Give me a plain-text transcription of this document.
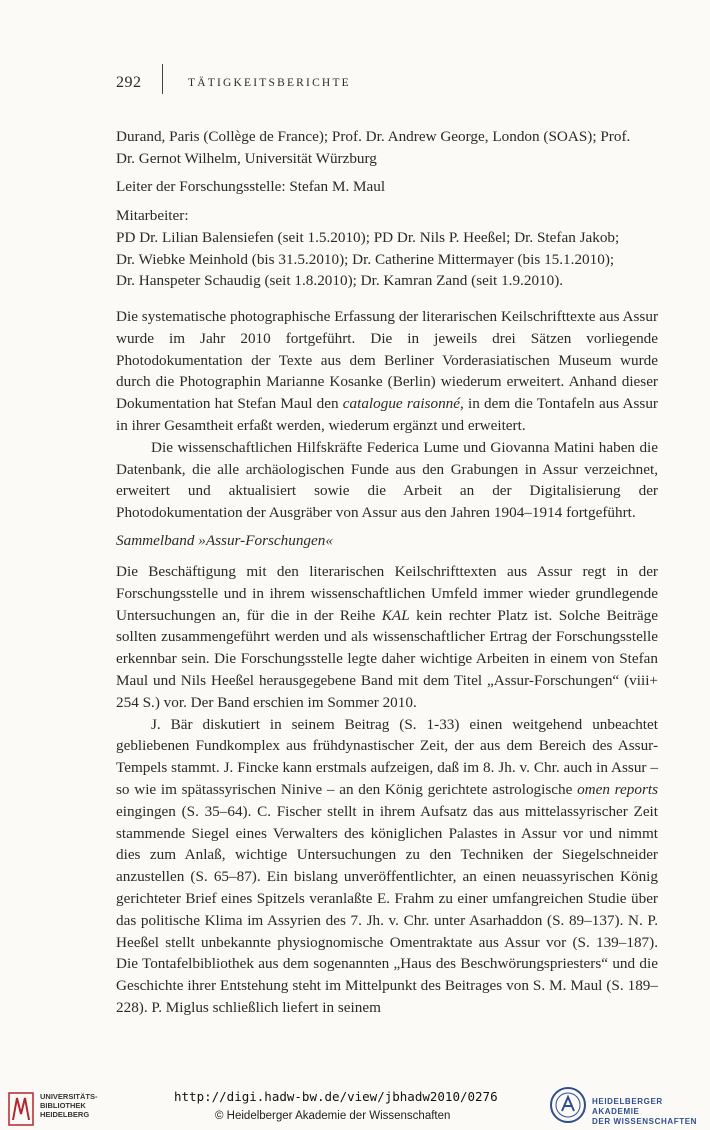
292	TÄTIGKEITSBERICHTE

Durand, Paris (Collège de France); Prof. Dr. Andrew George, London (SOAS); Prof.

Dr. Gernot Wilhelm, Universität Würzburg

Leiter der Forschungsstelle: Stefan M. Maul

Mitarbeiter:

PD Dr. Lilian Balensiefen (seit 1.5.2010); PD Dr. Nils P. Heeßel; Dr. Stefan Jakob;

Dr. Wiebke Meinhold (bis 31.5.2010); Dr. Catherine Mittermayer (bis 15.1.2010);

Dr. Hanspeter Schaudig (seit 1.8.2010); Dr. Kamran Zand (seit 1.9.2010).

Die systematische photographische Erfassung der literarischen Keilschrifttexte aus Assur wurde im Jahr 2010 fortgeführt. Die in jeweils drei Sätzen vorliegende Photodokumentation der Texte aus dem Berliner Vorderasiatischen Museum wurde durch die Photographin Marianne Kosanke (Berlin) wiederum erweitert. Anhand dieser Dokumentation hat Stefan Maul den catalogue raisonné, in dem die Tontafeln aus Assur in ihrer Gesamtheit erfaßt werden, wiederum ergänzt und erweitert.

Die wissenschaftlichen Hilfskräfte Federica Lume und Giovanna Matini haben die Datenbank, die alle archäologischen Funde aus den Grabungen in Assur verzeichnet, erweitert und aktualisiert sowie die Arbeit an der Digitalisierung der Photodokumentation der Ausgräber von Assur aus den Jahren 1904–1914 fortgeführt.

Sammelband »Assur-Forschungen«

Die Beschäftigung mit den literarischen Keilschrifttexten aus Assur regt in der Forschungsstelle und in ihrem wissenschaftlichen Umfeld immer wieder grundlegende Untersuchungen an, für die in der Reihe KAL kein rechter Platz ist. Solche Beiträge sollten zusammengeführt werden und als wissenschaftlicher Ertrag der Forschungsstelle erkennbar sein. Die Forschungsstelle legte daher wichtige Arbeiten in einem von Stefan Maul und Nils Heeßel herausgegebene Band mit dem Titel „Assur-Forschungen“ (viii+ 254 S.) vor. Der Band erschien im Sommer 2010.

J. Bär diskutiert in seinem Beitrag (S. 1-33) einen weitgehend unbeachtet gebliebenen Fundkomplex aus frühdynastischer Zeit, der aus dem Bereich des Assur-Tempels stammt. J. Fincke kann erstmals aufzeigen, daß im 8. Jh. v. Chr. auch in Assur – so wie im spätassyrischen Ninive – an den König gerichtete astrologische omen reports eingingen (S. 35–64). C. Fischer stellt in ihrem Aufsatz das aus mittelassyrischer Zeit stammende Siegel eines Verwalters des königlichen Palastes in Assur vor und nimmt dies zum Anlaß, wichtige Untersuchungen zu den Techniken der Siegelschneider anzustellen (S. 65–87). Ein bislang unveröffentlichter, an einen neuassyrischen König gerichteter Brief eines Spitzels veranlaßte E. Frahm zu einer umfangreichen Studie über das politische Klima im Assyrien des 7. Jh. v. Chr. unter Asarhaddon (S. 89–137). N. P. Heeßel stellt unbekannte physiognomische Omentraktate aus Assur vor (S. 139–187). Die Tontafelbibliothek aus dem sogenannten „Haus des Beschwörungspriesters“ und die Geschichte ihrer Entstehung steht im Mittelpunkt des Beitrages von S. M. Maul (S. 189–228). P. Miglus schließlich liefert in seinem

UNIVERSITÄTS-
BIBLIOTHEK
HEIDELBERG
http://digi.hadw-bw.de/view/jbhadw2010/0276
© Heidelberger Akademie der Wissenschaften
HEIDELBERGER AKADEMIE
DER WISSENSCHAFTEN
